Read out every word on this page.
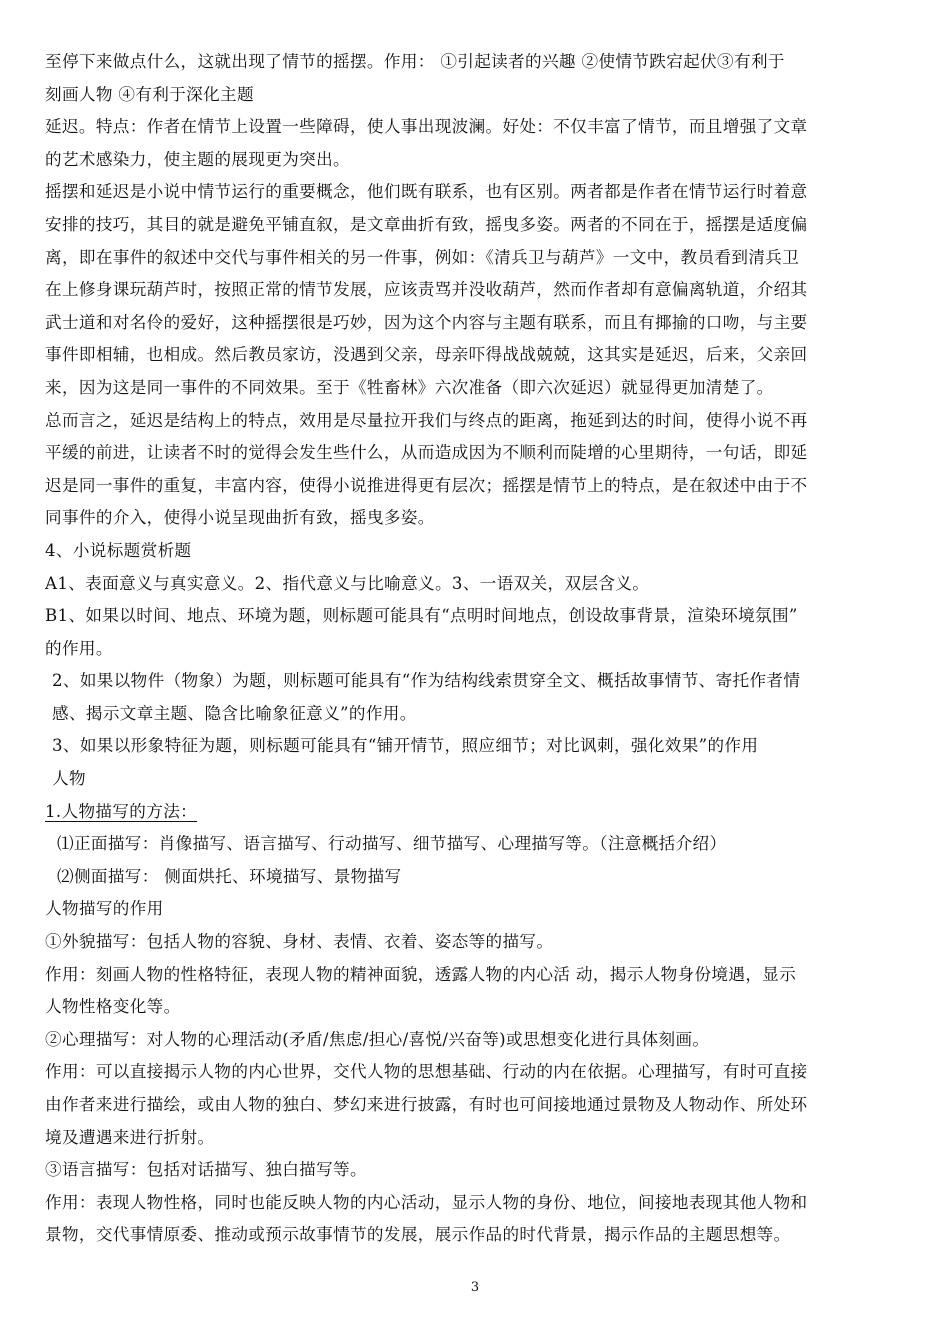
至停下来做点什么，这就出现了情节的摇摆。作用： ①引起读者的兴趣 ②使情节跌宕起伏③有利于
刻画人物 ④有利于深化主题

延迟。特点：作者在情节上设置一些障碍，使人事出现波澜。好处：不仅丰富了情节，而且增强了文章
的艺术感染力，使主题的展现更为突出。

摇摆和延迟是小说中情节运行的重要概念，他们既有联系，也有区别。两者都是作者在情节运行时着意
安排的技巧，其目的就是避免平铺直叙，是文章曲折有致，摇曳多姿。两者的不同在于，摇摆是适度偏
离，即在事件的叙述中交代与事件相关的另一件事，例如：《清兵卫与葫芦》一文中，教员看到清兵卫
在上修身课玩葫芦时，按照正常的情节发展，应该责骂并没收葫芦，然而作者却有意偏离轨道，介绍其
武士道和对名伶的爱好，这种摇摆很是巧妙，因为这个内容与主题有联系，而且有揶揄的口吻，与主要
事件即相辅，也相成。然后教员家访，没遇到父亲，母亲吓得战战兢兢，这其实是延迟，后来，父亲回
来，因为这是同一事件的不同效果。至于《牲畜林》六次准备（即六次延迟）就显得更加清楚了。

总而言之，延迟是结构上的特点，效用是尽量拉开我们与终点的距离，拖延到达的时间，使得小说不再
平缓的前进，让读者不时的觉得会发生些什么，从而造成因为不顺利而陡增的心里期待，一句话，即延
迟是同一事件的重复，丰富内容，使得小说推进得更有层次；摇摆是情节上的特点，是在叙述中由于不
同事件的介入，使得小说呈现曲折有致，摇曳多姿。

4、小说标题赏析题

A1、表面意义与真实意义。2、指代意义与比喻意义。3、一语双关，双层含义。

B1、如果以时间、地点、环境为题，则标题可能具有“点明时间地点，创设故事背景，渲染环境氛围”
的作用。

2、如果以物件（物象）为题，则标题可能具有“作为结构线索贯穿全文、概括故事情节、寄托作者情
感、揭示文章主题、隐含比喻象征意义”的作用。

3、如果以形象特征为题，则标题可能具有“铺开情节，照应细节；对比讽刺，强化效果”的作用
人物

1.人物描写的方法：

⑴正面描写：肖像描写、语言描写、行动描写、细节描写、心理描写等。（注意概括介绍）

⑵侧面描写： 侧面烘托、环境描写、景物描写

人物描写的作用

①外貌描写：包括人物的容貌、身材、表情、衣着、姿态等的描写。

作用：刻画人物的性格特征，表现人物的精神面貌，透露人物的内心活 动，揭示人物身份境遇，显示
人物性格变化等。

②心理描写：对人物的心理活动(矛盾/焦虑/担心/喜悦/兴奋等)或思想变化进行具体刻画。

作用：可以直接揭示人物的内心世界，交代人物的思想基础、行动的内在依据。心理描写，有时可直接
由作者来进行描绘，或由人物的独白、梦幻来进行披露，有时也可间接地通过景物及人物动作、所处环
境及遭遇来进行折射。

③语言描写：包括对话描写、独白描写等。

作用：表现人物性格，同时也能反映人物的内心活动，显示人物的身份、地位，间接地表现其他人物和
景物，交代事情原委、推动或预示故事情节的发展，展示作品的时代背景，揭示作品的主题思想等。

3
